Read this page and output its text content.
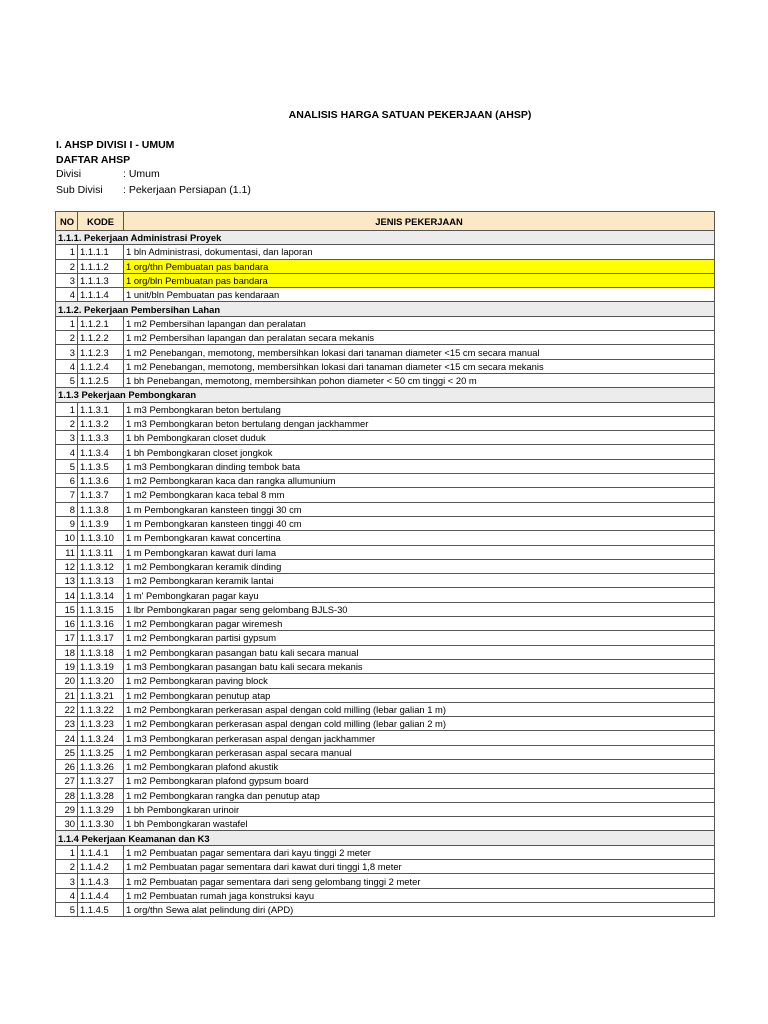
ANALISIS HARGA SATUAN PEKERJAAN (AHSP)
I. AHSP DIVISI I - UMUM
DAFTAR AHSP
Divisi	: Umum
Sub Divisi : Pekerjaan Persiapan (1.1)
NO	KODE	JENIS PEKERJAAN
1.1.1. Pekerjaan Administrasi Proyek		
1	1.1.1.1	1 bln Administrasi, dokumentasi, dan laporan
2	1.1.1.2	1 org/thn Pembuatan pas bandara
3	1.1.1.3	1 org/bln Pembuatan pas bandara
4	1.1.1.4	1 unit/bln Pembuatan pas kendaraan
1.1.2. Pekerjaan Pembersihan Lahan		
1	1.1.2.1	1 m2 Pembersihan lapangan dan peralatan
2	1.1.2.2	1 m2 Pembersihan lapangan dan peralatan secara mekanis
3	1.1.2.3	1 m2 Penebangan, memotong, membersihkan lokasi dari tanaman diameter <15 cm secara manual
4	1.1.2.4	1 m2 Penebangan, memotong, membersihkan lokasi dari tanaman diameter <15 cm secara mekanis
5	1.1.2.5	1 bh Penebangan, memotong, membersihkan pohon diameter < 50 cm tinggi < 20 m
1.1.3 Pekerjaan Pembongkaran		
1	1.1.3.1	1 m3 Pembongkaran beton bertulang
2	1.1.3.2	1 m3 Pembongkaran beton bertulang dengan jackhammer
3	1.1.3.3	1 bh Pembongkaran closet duduk
4	1.1.3.4	1 bh Pembongkaran closet jongkok
5	1.1.3.5	1 m3 Pembongkaran dinding tembok bata
6	1.1.3.6	1 m2 Pembongkaran kaca dan rangka allumunium
7	1.1.3.7	1 m2 Pembongkaran kaca tebal 8 mm
8	1.1.3.8	1 m Pembongkaran kansteen tinggi 30 cm
9	1.1.3.9	1 m Pembongkaran kansteen tinggi 40 cm
10	1.1.3.10	1 m Pembongkaran kawat concertina
11	1.1.3.11	1 m Pembongkaran kawat duri lama
12	1.1.3.12	1 m2 Pembongkaran keramik dinding
13	1.1.3.13	1 m2 Pembongkaran keramik lantai
14	1.1.3.14	1 m' Pembongkaran pagar kayu
15	1.1.3.15	1 lbr Pembongkaran pagar seng gelombang BJLS-30
16	1.1.3.16	1 m2 Pembongkaran pagar wiremesh
17	1.1.3.17	1 m2 Pembongkaran partisi gypsum
18	1.1.3.18	1 m2 Pembongkaran pasangan batu kali secara manual
19	1.1.3.19	1 m3 Pembongkaran pasangan batu kali secara mekanis
20	1.1.3.20	1 m2 Pembongkaran paving block
21	1.1.3.21	1 m2 Pembongkaran penutup atap
22	1.1.3.22	1 m2 Pembongkaran perkerasan aspal dengan cold milling (lebar galian 1 m)
23	1.1.3.23	1 m2 Pembongkaran perkerasan aspal dengan cold milling (lebar galian 2 m)
24	1.1.3.24	1 m3 Pembongkaran perkerasan aspal dengan jackhammer
25	1.1.3.25	1 m2 Pembongkaran perkerasan aspal secara manual
26	1.1.3.26	1 m2 Pembongkaran plafond akustik
27	1.1.3.27	1 m2 Pembongkaran plafond gypsum board
28	1.1.3.28	1 m2 Pembongkaran rangka dan penutup atap
29	1.1.3.29	1 bh Pembongkaran urinoir
30	1.1.3.30	1 bh Pembongkaran wastafel
1.1.4 Pekerjaan Keamanan dan K3		
1	1.1.4.1	1 m2 Pembuatan pagar sementara dari kayu tinggi 2 meter
2	1.1.4.2	1 m2 Pembuatan pagar sementara dari kawat duri tinggi 1,8 meter
3	1.1.4.3	1 m2 Pembuatan pagar sementara dari seng gelombang tinggi 2 meter
4	1.1.4.4	1 m2 Pembuatan rumah jaga konstruksi kayu
5	1.1.4.5	1 org/thn Sewa alat pelindung diri (APD)
